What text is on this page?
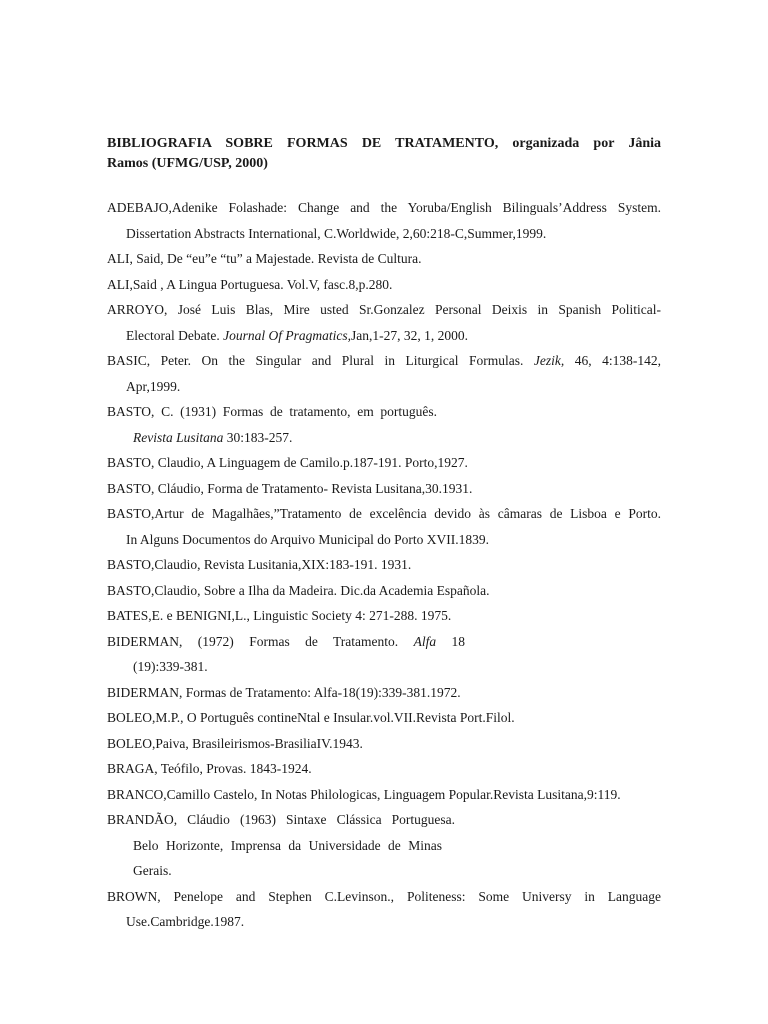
BIBLIOGRAFIA SOBRE FORMAS DE TRATAMENTO, organizada por Jânia
Ramos (UFMG/USP, 2000)
ADEBAJO,Adenike Folashade: Change and the Yoruba/English Bilinguals’Address System.
Dissertation Abstracts International, C.Worldwide, 2,60:218-C,Summer,1999.
ALI, Said, De “eu”e “tu” a Majestade. Revista de Cultura.
ALI,Said , A Lingua Portuguesa. Vol.V, fasc.8,p.280.
ARROYO, José Luis Blas, Mire usted Sr.Gonzalez Personal Deixis in Spanish Political-
Electoral Debate. Journal Of Pragmatics,Jan,1-27, 32, 1, 2000.
BASIC, Peter. On the Singular and Plural in Liturgical Formulas. Jezik, 46, 4:138-142,
Apr,1999.
BASTO, C. (1931) Formas de tratamento, em português.
Revista Lusitana 30:183-257.
BASTO, Claudio, A Linguagem de Camilo.p.187-191. Porto,1927.
BASTO, Cláudio, Forma de Tratamento- Revista Lusitana,30.1931.
BASTO,Artur de Magalhães,”Tratamento de excelência devido às câmaras de Lisboa e Porto.
In Alguns Documentos do Arquivo Municipal do Porto XVII.1839.
BASTO,Claudio, Revista Lusitania,XIX:183-191. 1931.
BASTO,Claudio, Sobre a Ilha da Madeira. Dic.da Academia Española.
BATES,E. e BENIGNI,L., Linguistic Society 4: 271-288. 1975.
BIDERMAN, (1972) Formas de Tratamento. Alfa 18
(19):339-381.
BIDERMAN, Formas de Tratamento: Alfa-18(19):339-381.1972.
BOLEO,M.P., O Português contineNtal e Insular.vol.VII.Revista Port.Filol.
BOLEO,Paiva, Brasileirismos-BrasiliaIV.1943.
BRAGA, Teófilo, Provas. 1843-1924.
BRANCO,Camillo Castelo, In Notas Philologicas, Linguagem Popular.Revista Lusitana,9:119.
BRANDÃO, Cláudio (1963) Sintaxe Clássica Portuguesa.
Belo Horizonte, Imprensa da Universidade de Minas
Gerais.
BROWN, Penelope and Stephen C.Levinson., Politeness: Some Universy in Language
Use.Cambridge.1987.
